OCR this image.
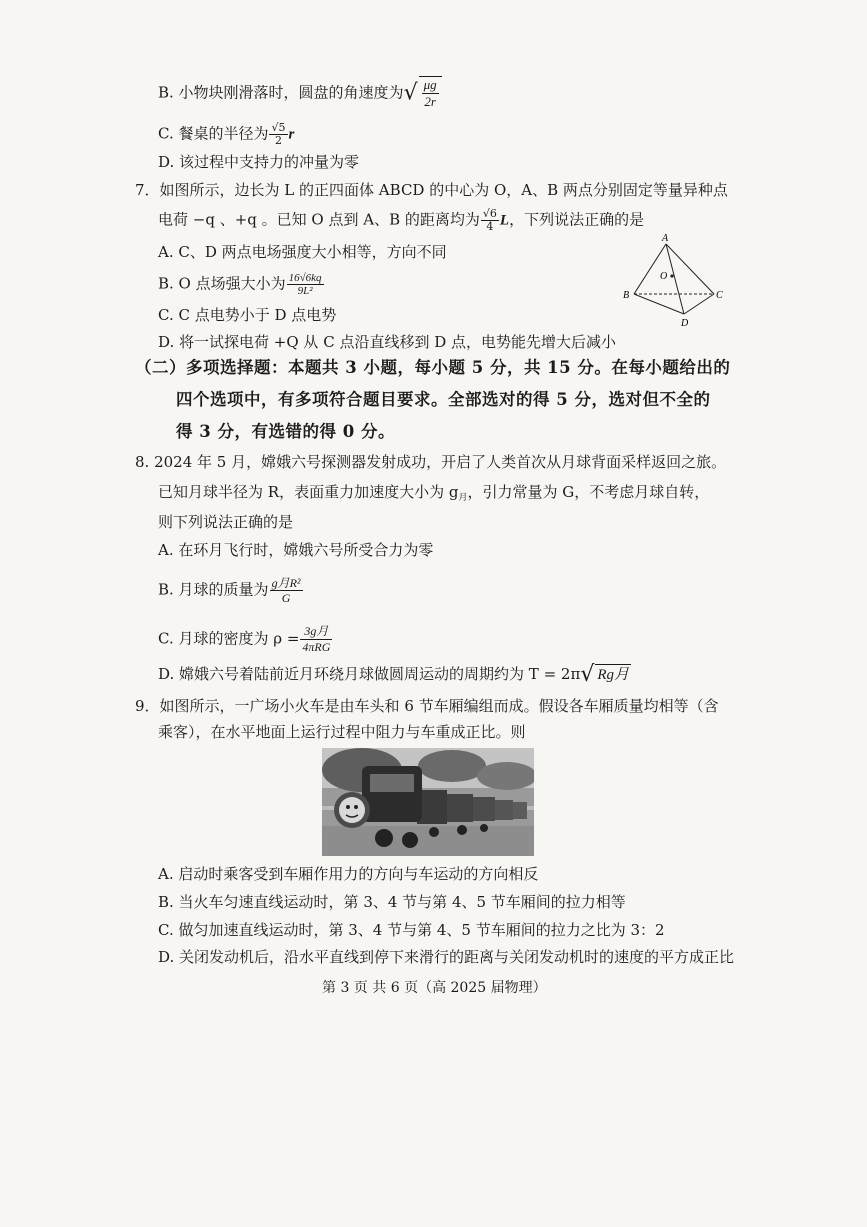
B. 小物块刚滑落时，圆盘的角速度为√ $\frac{\mu g}{2r}$
C. 餐桌的半径为 $\frac{√5}{2}$ r
D. 该过程中支持力的冲量为零
7．如图所示，边长为 L 的正四面体 ABCD 的中心为 O，A、B 两点分别固定等量异种点
电荷 −q 、+q 。已知 O 点到 A、B 的距离均为 $\frac{√6}{4}$ L，下列说法正确的是
A. C、D 两点电场强度大小相等，方向不同
B. O 点场强大小为 $\frac{16√6kq}{\text{9L²}}$
C. C 点电势小于 D 点电势
D. 将一试探电荷 +Q 从 C 点沿直线移到 D 点，电势能先增大后减小
A
O
B	C
D
（二）多项选择题：本题共 3 小题，每小题 5 分，共 15 分。在每小题给出的
四个选项中，有多项符合题目要求。全部选对的得 5 分，选对但不全的
得 3 分，有选错的得 0 分。
8. 2024 年 5 月，嫦娥六号探测器发射成功，开启了人类首次从月球背面采样返回之旅。
已知月球半径为 R，表面重力加速度大小为 $g_月$，引力常量为 G，不考虑月球自转，
则下列说法正确的是
A. 在环月飞行时，嫦娥六号所受合力为零
B. 月球的质量为 $\frac{\text{g月R²}}{G}$
C. 月球的密度为 $\rho = \frac{\text{3g月}}{\text{4πRG}}$
D. 嫦娥六号着陆前近月环绕月球做圆周运动的周期约为 T = 2π√ Rg月
9．如图所示，一广场小火车是由车头和 6 节车厢编组而成。假设各车厢质量均相等（含
乘客），在水平地面上运行过程中阻力与车重成正比。则
A. 启动时乘客受到车厢作用力的方向与车运动的方向相反
B. 当火车匀速直线运动时，第 3、4 节与第 4、5 节车厢间的拉力相等
C. 做匀加速直线运动时，第 3、4 节与第 4、5 节车厢间的拉力之比为 3：2
D. 关闭发动机后，沿水平直线到停下来滑行的距离与关闭发动机时的速度的平方成正比
第 3 页 共 6 页（高 2025 届物理）
